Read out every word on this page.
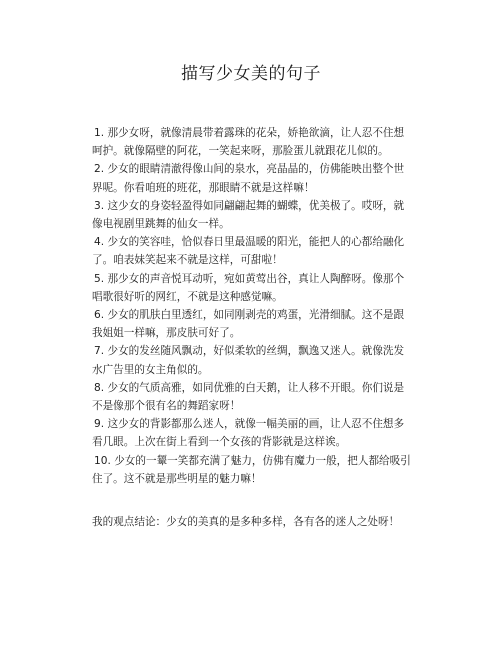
描写少女美的句子

1. 那少女呀，就像清晨带着露珠的花朵，娇艳欲滴，让人忍不住想呵护。就像隔壁的阿花，一笑起来呀，那脸蛋儿就跟花儿似的。

2. 少女的眼睛清澈得像山间的泉水，亮晶晶的，仿佛能映出整个世界呢。你看咱班的班花，那眼睛不就是这样嘛！

3. 这少女的身姿轻盈得如同翩翩起舞的蝴蝶，优美极了。哎呀，就像电视剧里跳舞的仙女一样。

4. 少女的笑容哇，恰似春日里最温暖的阳光，能把人的心都给融化了。咱表妹笑起来不就是这样，可甜啦！

5. 那少女的声音悦耳动听，宛如黄莺出谷，真让人陶醉呀。像那个唱歌很好听的网红，不就是这种感觉嘛。

6. 少女的肌肤白里透红，如同刚剥壳的鸡蛋，光滑细腻。这不是跟我姐姐一样嘛，那皮肤可好了。

7. 少女的发丝随风飘动，好似柔软的丝绸，飘逸又迷人。就像洗发水广告里的女主角似的。

8. 少女的气质高雅，如同优雅的白天鹅，让人移不开眼。你们说是不是像那个很有名的舞蹈家呀！

9. 这少女的背影都那么迷人，就像一幅美丽的画，让人忍不住想多看几眼。上次在街上看到一个女孩的背影就是这样诶。

10. 少女的一颦一笑都充满了魅力，仿佛有魔力一般，把人都给吸引住了。这不就是那些明星的魅力嘛！

我的观点结论：少女的美真的是多种多样，各有各的迷人之处呀！
